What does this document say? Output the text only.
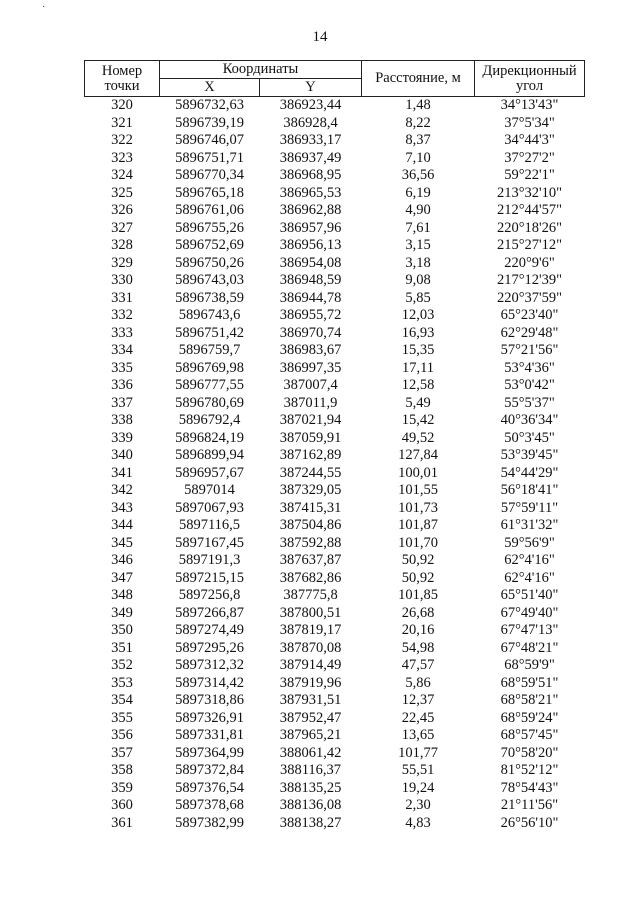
˙
14
Номер точки	Координаты		Расстояние, м	Дирекционный угол
	X	Y		
320	5896732,63	386923,44	1,48	34°13'43"
321	5896739,19	386928,4	8,22	37°5'34"
322	5896746,07	386933,17	8,37	34°44'3"
323	5896751,71	386937,49	7,10	37°27'2"
324	5896770,34	386968,95	36,56	59°22'1"
325	5896765,18	386965,53	6,19	213°32'10"
326	5896761,06	386962,88	4,90	212°44'57"
327	5896755,26	386957,96	7,61	220°18'26"
328	5896752,69	386956,13	3,15	215°27'12"
329	5896750,26	386954,08	3,18	220°9'6"
330	5896743,03	386948,59	9,08	217°12'39"
331	5896738,59	386944,78	5,85	220°37'59"
332	5896743,6	386955,72	12,03	65°23'40"
333	5896751,42	386970,74	16,93	62°29'48"
334	5896759,7	386983,67	15,35	57°21'56"
335	5896769,98	386997,35	17,11	53°4'36"
336	5896777,55	387007,4	12,58	53°0'42"
337	5896780,69	387011,9	5,49	55°5'37"
338	5896792,4	387021,94	15,42	40°36'34"
339	5896824,19	387059,91	49,52	50°3'45"
340	5896899,94	387162,89	127,84	53°39'45"
341	5896957,67	387244,55	100,01	54°44'29"
342	5897014	387329,05	101,55	56°18'41"
343	5897067,93	387415,31	101,73	57°59'11"
344	5897116,5	387504,86	101,87	61°31'32"
345	5897167,45	387592,88	101,70	59°56'9"
346	5897191,3	387637,87	50,92	62°4'16"
347	5897215,15	387682,86	50,92	62°4'16"
348	5897256,8	387775,8	101,85	65°51'40"
349	5897266,87	387800,51	26,68	67°49'40"
350	5897274,49	387819,17	20,16	67°47'13"
351	5897295,26	387870,08	54,98	67°48'21"
352	5897312,32	387914,49	47,57	68°59'9"
353	5897314,42	387919,96	5,86	68°59'51"
354	5897318,86	387931,51	12,37	68°58'21"
355	5897326,91	387952,47	22,45	68°59'24"
356	5897331,81	387965,21	13,65	68°57'45"
357	5897364,99	388061,42	101,77	70°58'20"
358	5897372,84	388116,37	55,51	81°52'12"
359	5897376,54	388135,25	19,24	78°54'43"
360	5897378,68	388136,08	2,30	21°11'56"
361	5897382,99	388138,27	4,83	26°56'10"
